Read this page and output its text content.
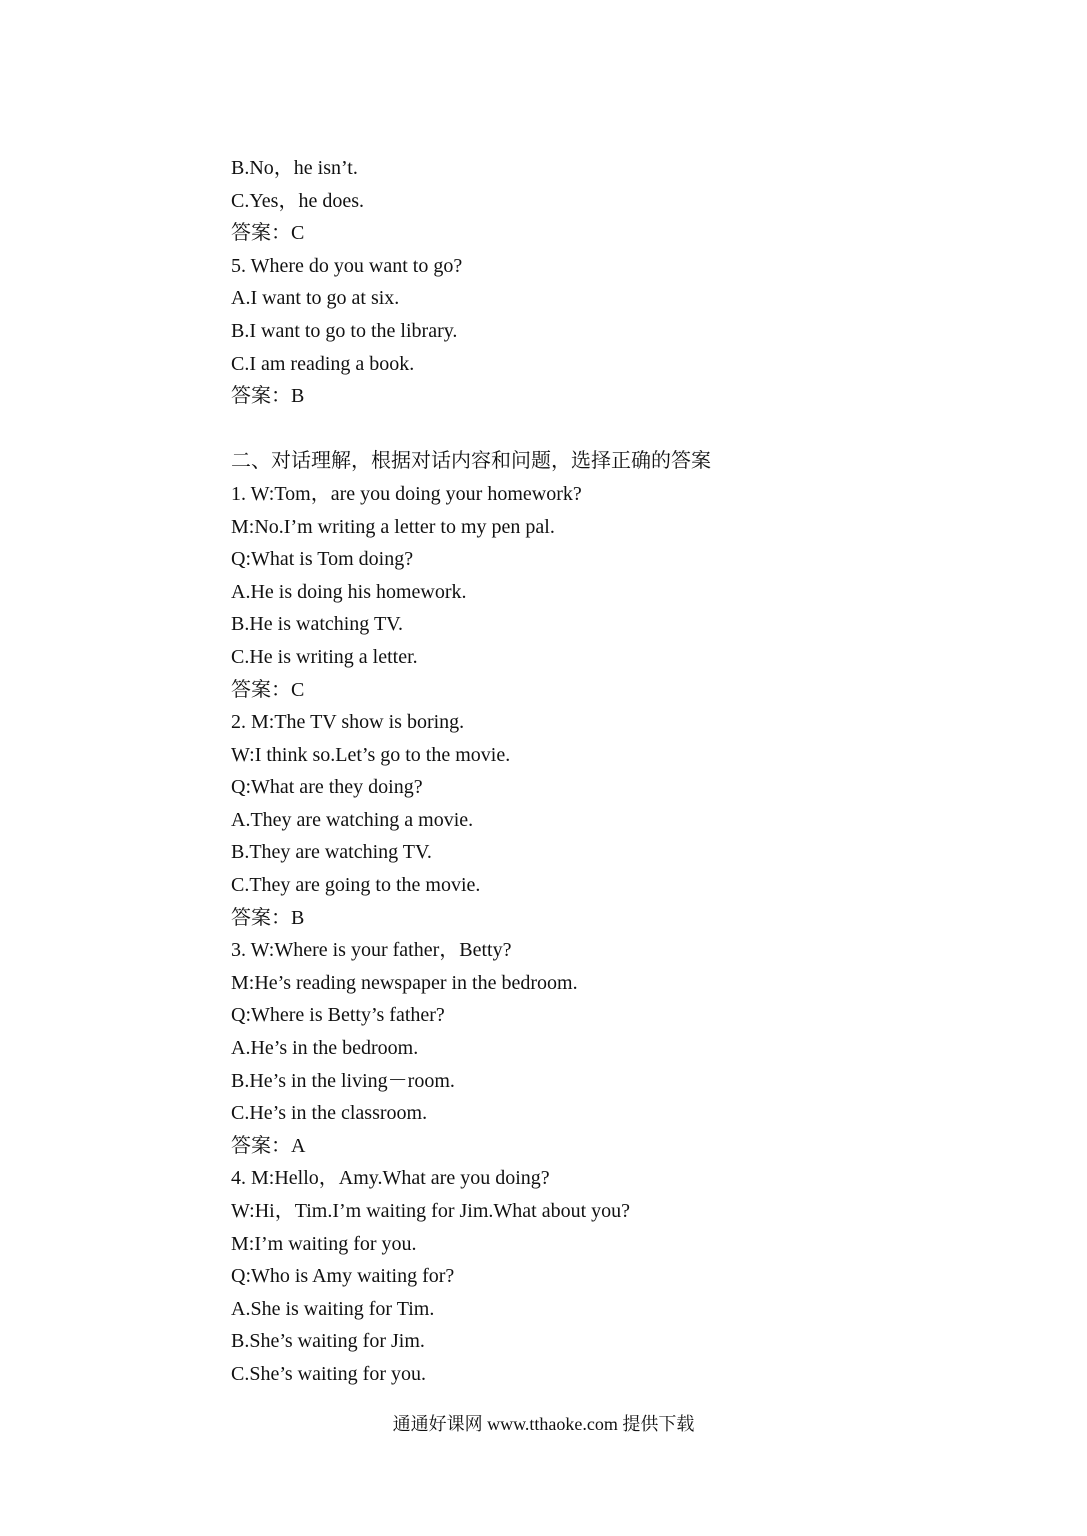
B.No，he isn’t.
C.Yes，he does.
答案：C
5. Where do you want to go?
A.I want to go at six.
B.I want to go to the library.
C.I am reading a book.
答案：B
二、对话理解，根据对话内容和问题，选择正确的答案
1. W:Tom，are you doing your homework?
M:No.I’m writing a letter to my pen pal.
Q:What is Tom doing?
A.He is doing his homework.
B.He is watching TV.
C.He is writing a letter.
答案：C
2. M:The TV show is boring.
W:I think so.Let’s go to the movie.
Q:What are they doing?
A.They are watching a movie.
B.They are watching TV.
C.They are going to the movie.
答案：B
3. W:Where is your father，Betty?
M:He’s reading newspaper in the bedroom.
Q:Where is Betty’s father?
A.He’s in the bedroom.
B.He’s in the living－room.
C.He’s in the classroom.
答案：A
4. M:Hello，Amy.What are you doing?
W:Hi，Tim.I’m waiting for Jim.What about you?
M:I’m waiting for you.
Q:Who is Amy waiting for?
A.She is waiting for Tim.
B.She’s waiting for Jim.
C.She’s waiting for you.
通通好课网 www.tthaoke.com 提供下载
